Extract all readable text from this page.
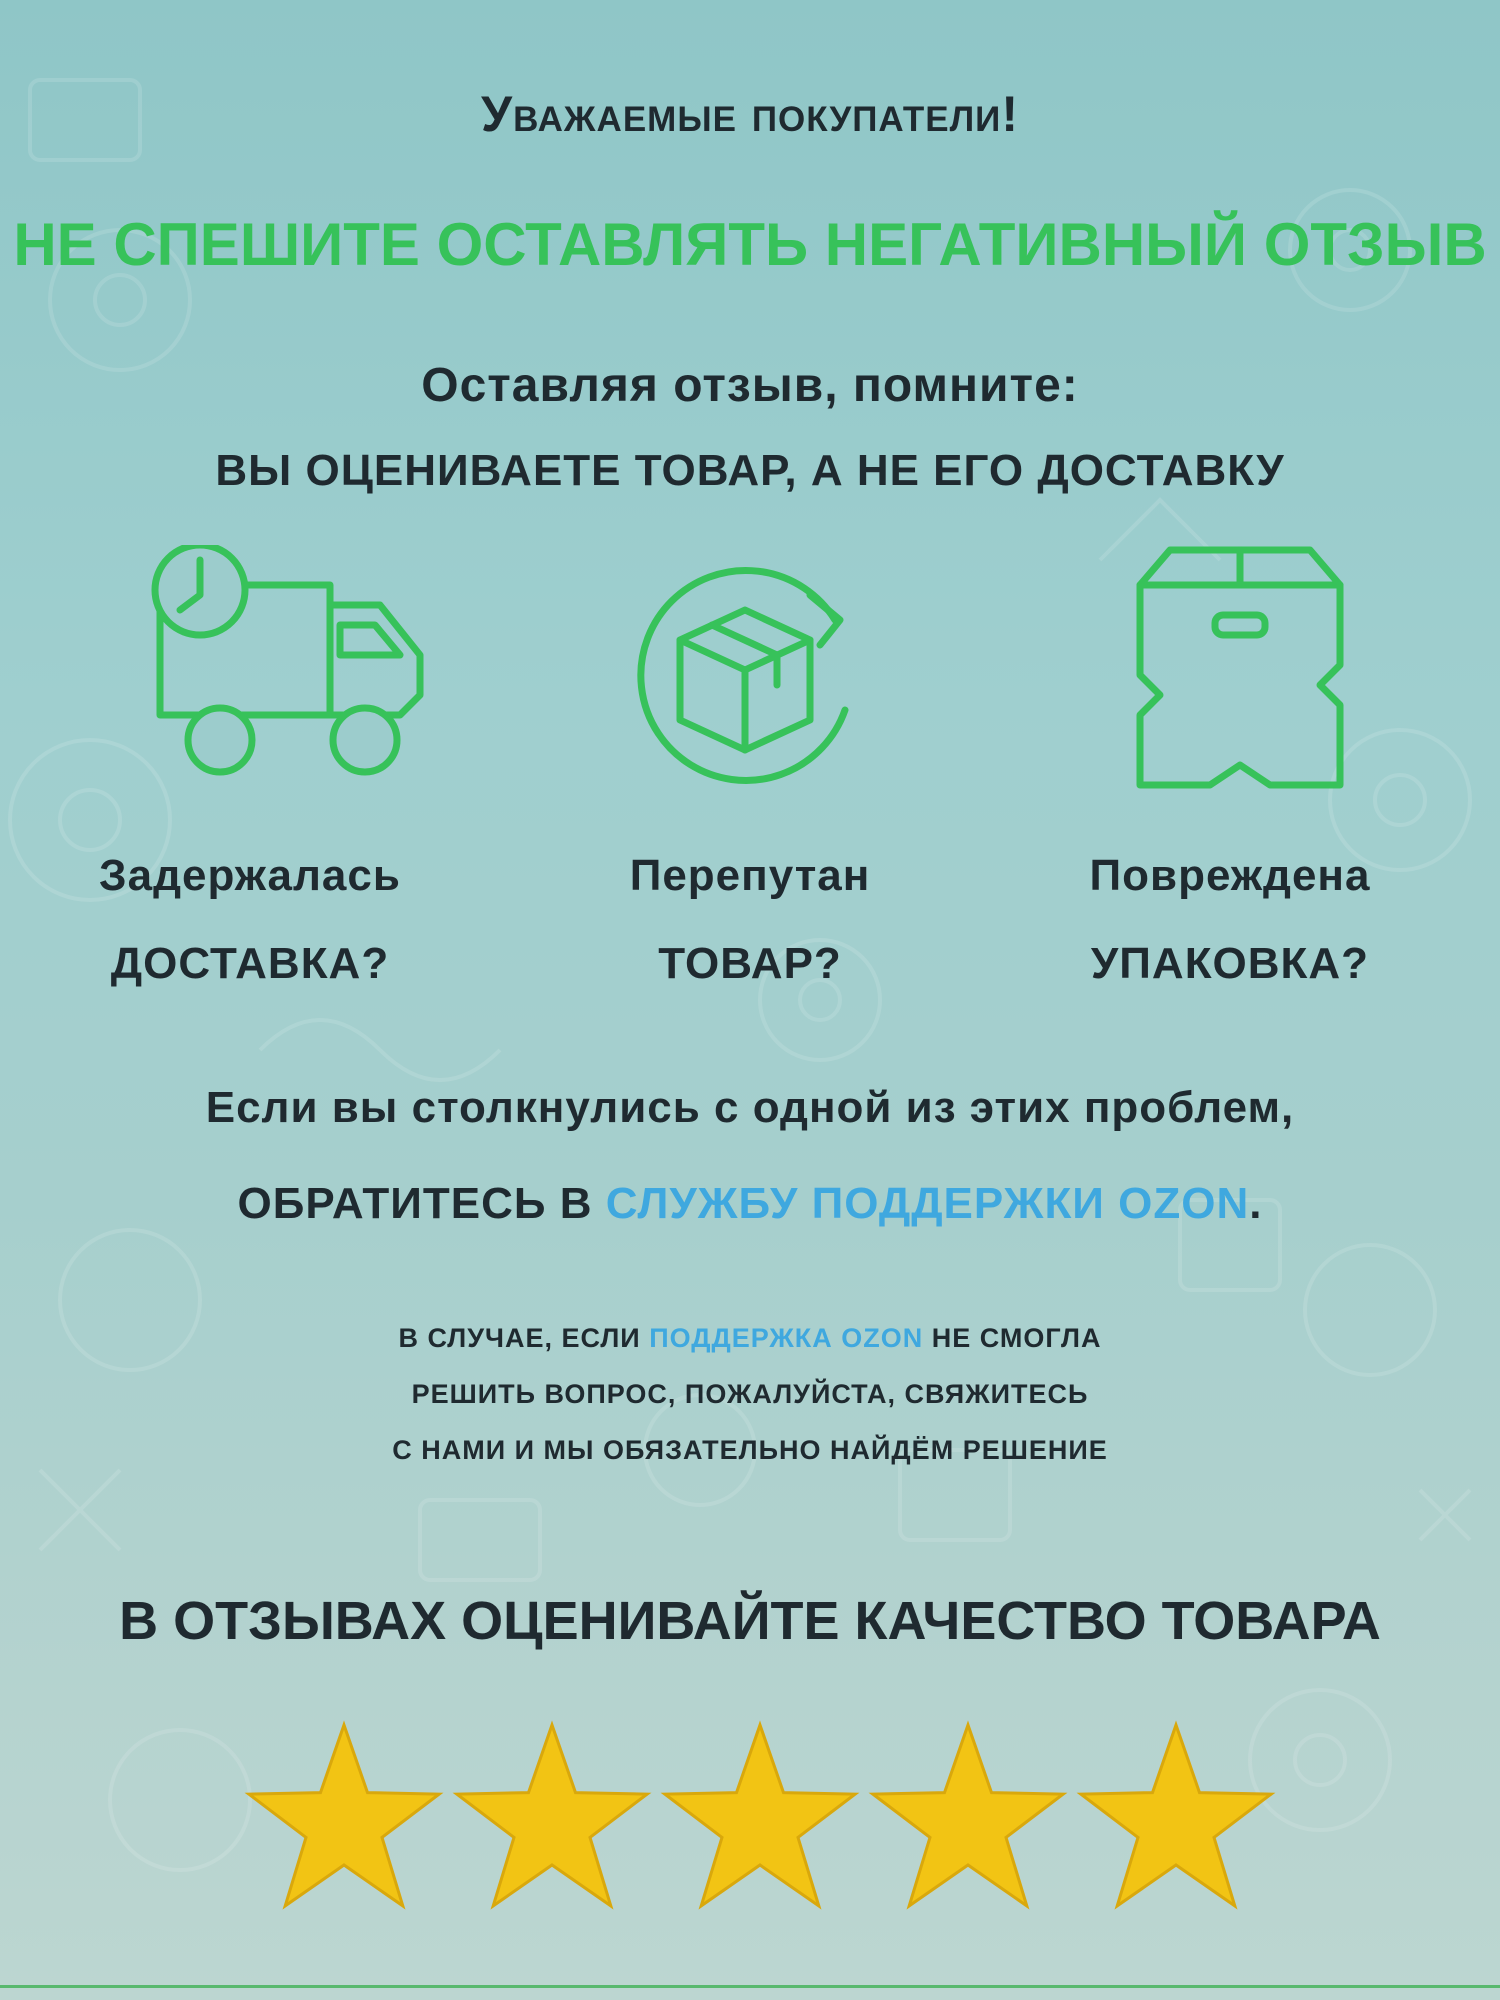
Уважаемые покупатели!

НЕ СПЕШИТЕ ОСТАВЛЯТЬ НЕГАТИВНЫЙ ОТЗЫВ

Оставляя отзыв, помните:

ВЫ ОЦЕНИВАЕТЕ ТОВАР, А НЕ ЕГО ДОСТАВКУ

Задержалась
ДОСТАВКА?
Перепутан
ТОВАР?
Повреждена
УПАКОВКА?
Если вы столкнулись с одной из этих проблем,
ОБРАТИТЕСЬ В СЛУЖБУ ПОДДЕРЖКИ OZON.
В СЛУЧАЕ, ЕСЛИ ПОДДЕРЖКА OZON НЕ СМОГЛА
РЕШИТЬ ВОПРОС, ПОЖАЛУЙСТА, СВЯЖИТЕСЬ
С НАМИ И МЫ ОБЯЗАТЕЛЬНО НАЙДЁМ РЕШЕНИЕ

В ОТЗЫВАХ ОЦЕНИВАЙТЕ КАЧЕСТВО ТОВАРА
